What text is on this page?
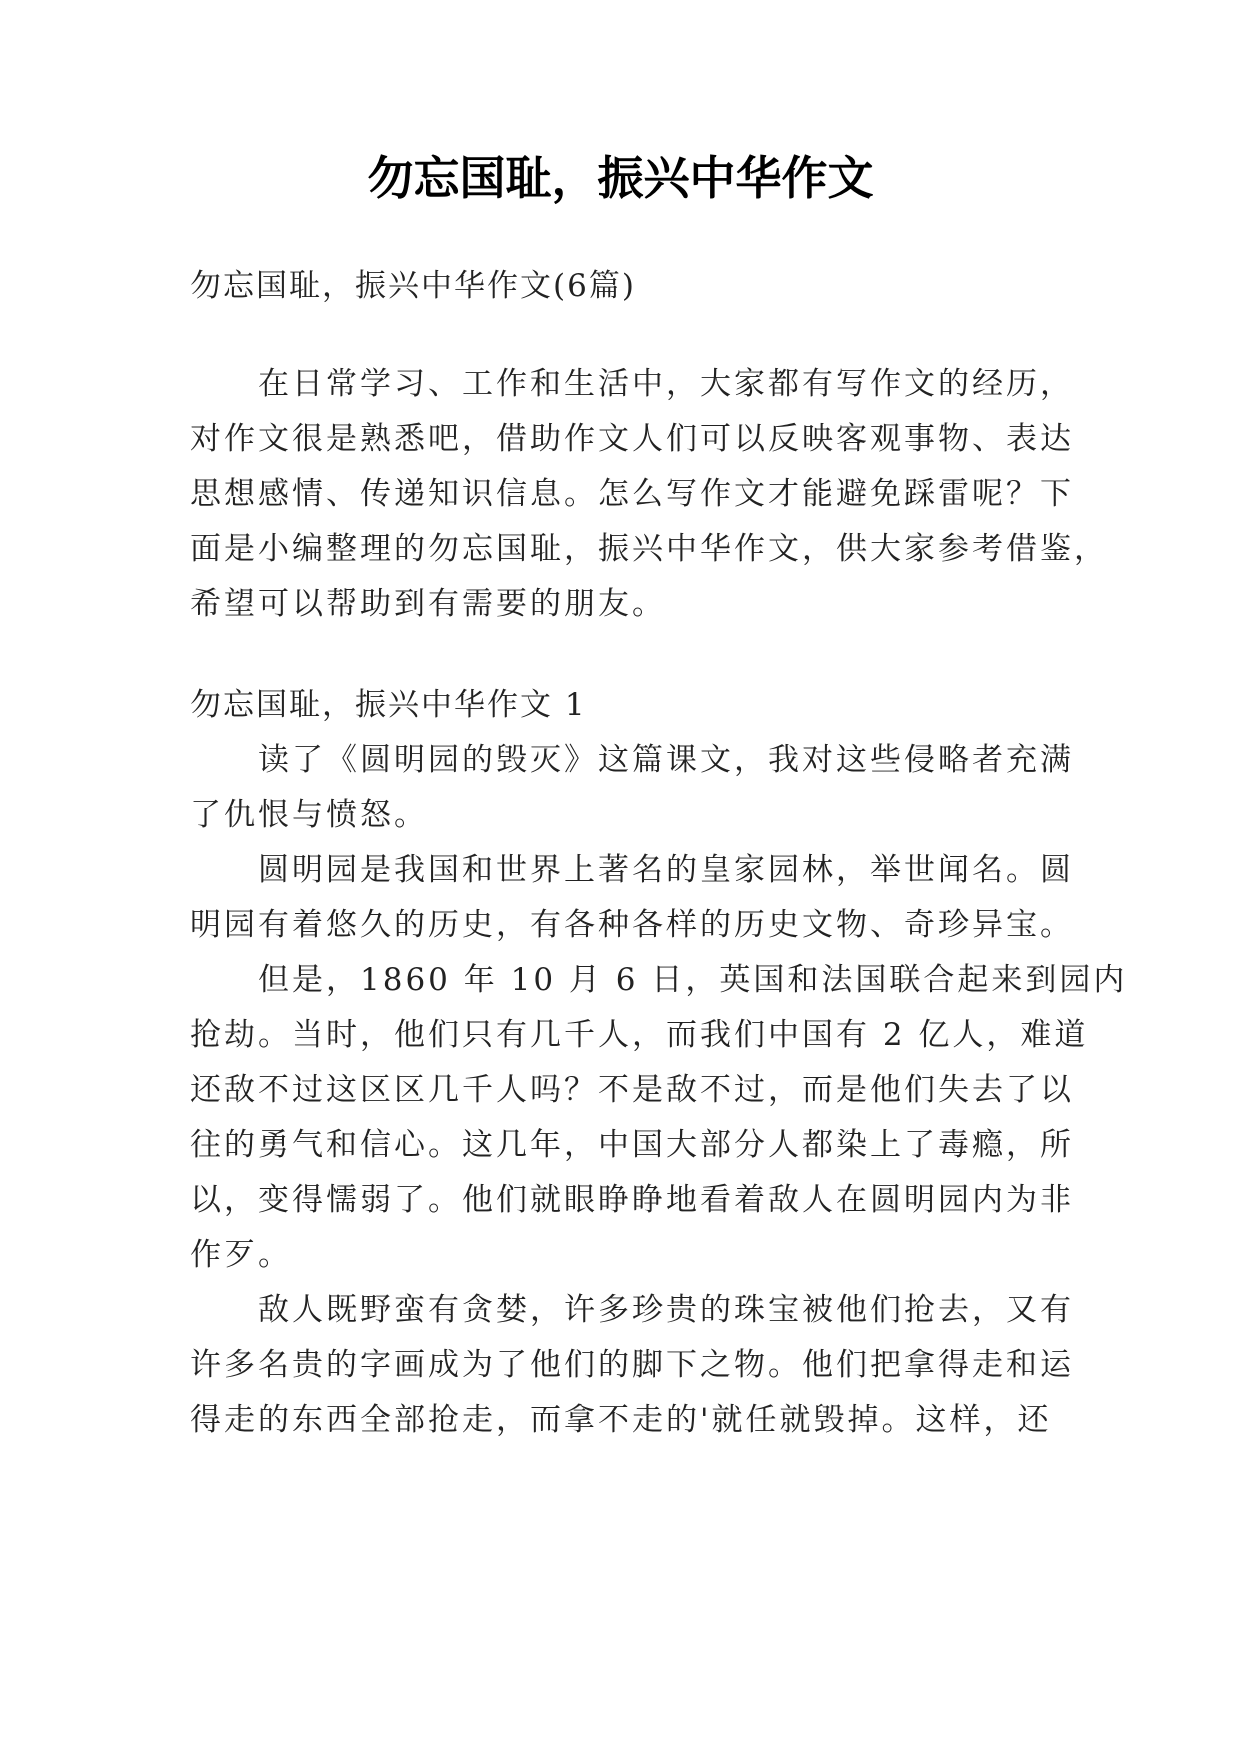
勿忘国耻，振兴中华作文
勿忘国耻，振兴中华作文(6篇)
　　在日常学习、工作和生活中，大家都有写作文的经历，
对作文很是熟悉吧，借助作文人们可以反映客观事物、表达
思想感情、传递知识信息。怎么写作文才能避免踩雷呢？下
面是小编整理的勿忘国耻，振兴中华作文，供大家参考借鉴，
希望可以帮助到有需要的朋友。
勿忘国耻，振兴中华作文 1
　　读了《圆明园的毁灭》这篇课文，我对这些侵略者充满
了仇恨与愤怒。
　　圆明园是我国和世界上著名的皇家园林，举世闻名。圆
明园有着悠久的历史，有各种各样的历史文物、奇珍异宝。
　　但是，1860 年 10 月 6 日，英国和法国联合起来到园内
抢劫。当时，他们只有几千人，而我们中国有 2 亿人，难道
还敌不过这区区几千人吗？不是敌不过，而是他们失去了以
往的勇气和信心。这几年，中国大部分人都染上了毒瘾，所
以，变得懦弱了。他们就眼睁睁地看着敌人在圆明园内为非
作歹。
　　敌人既野蛮有贪婪，许多珍贵的珠宝被他们抢去，又有
许多名贵的字画成为了他们的脚下之物。他们把拿得走和运
得走的东西全部抢走，而拿不走的'就任就毁掉。这样，还
